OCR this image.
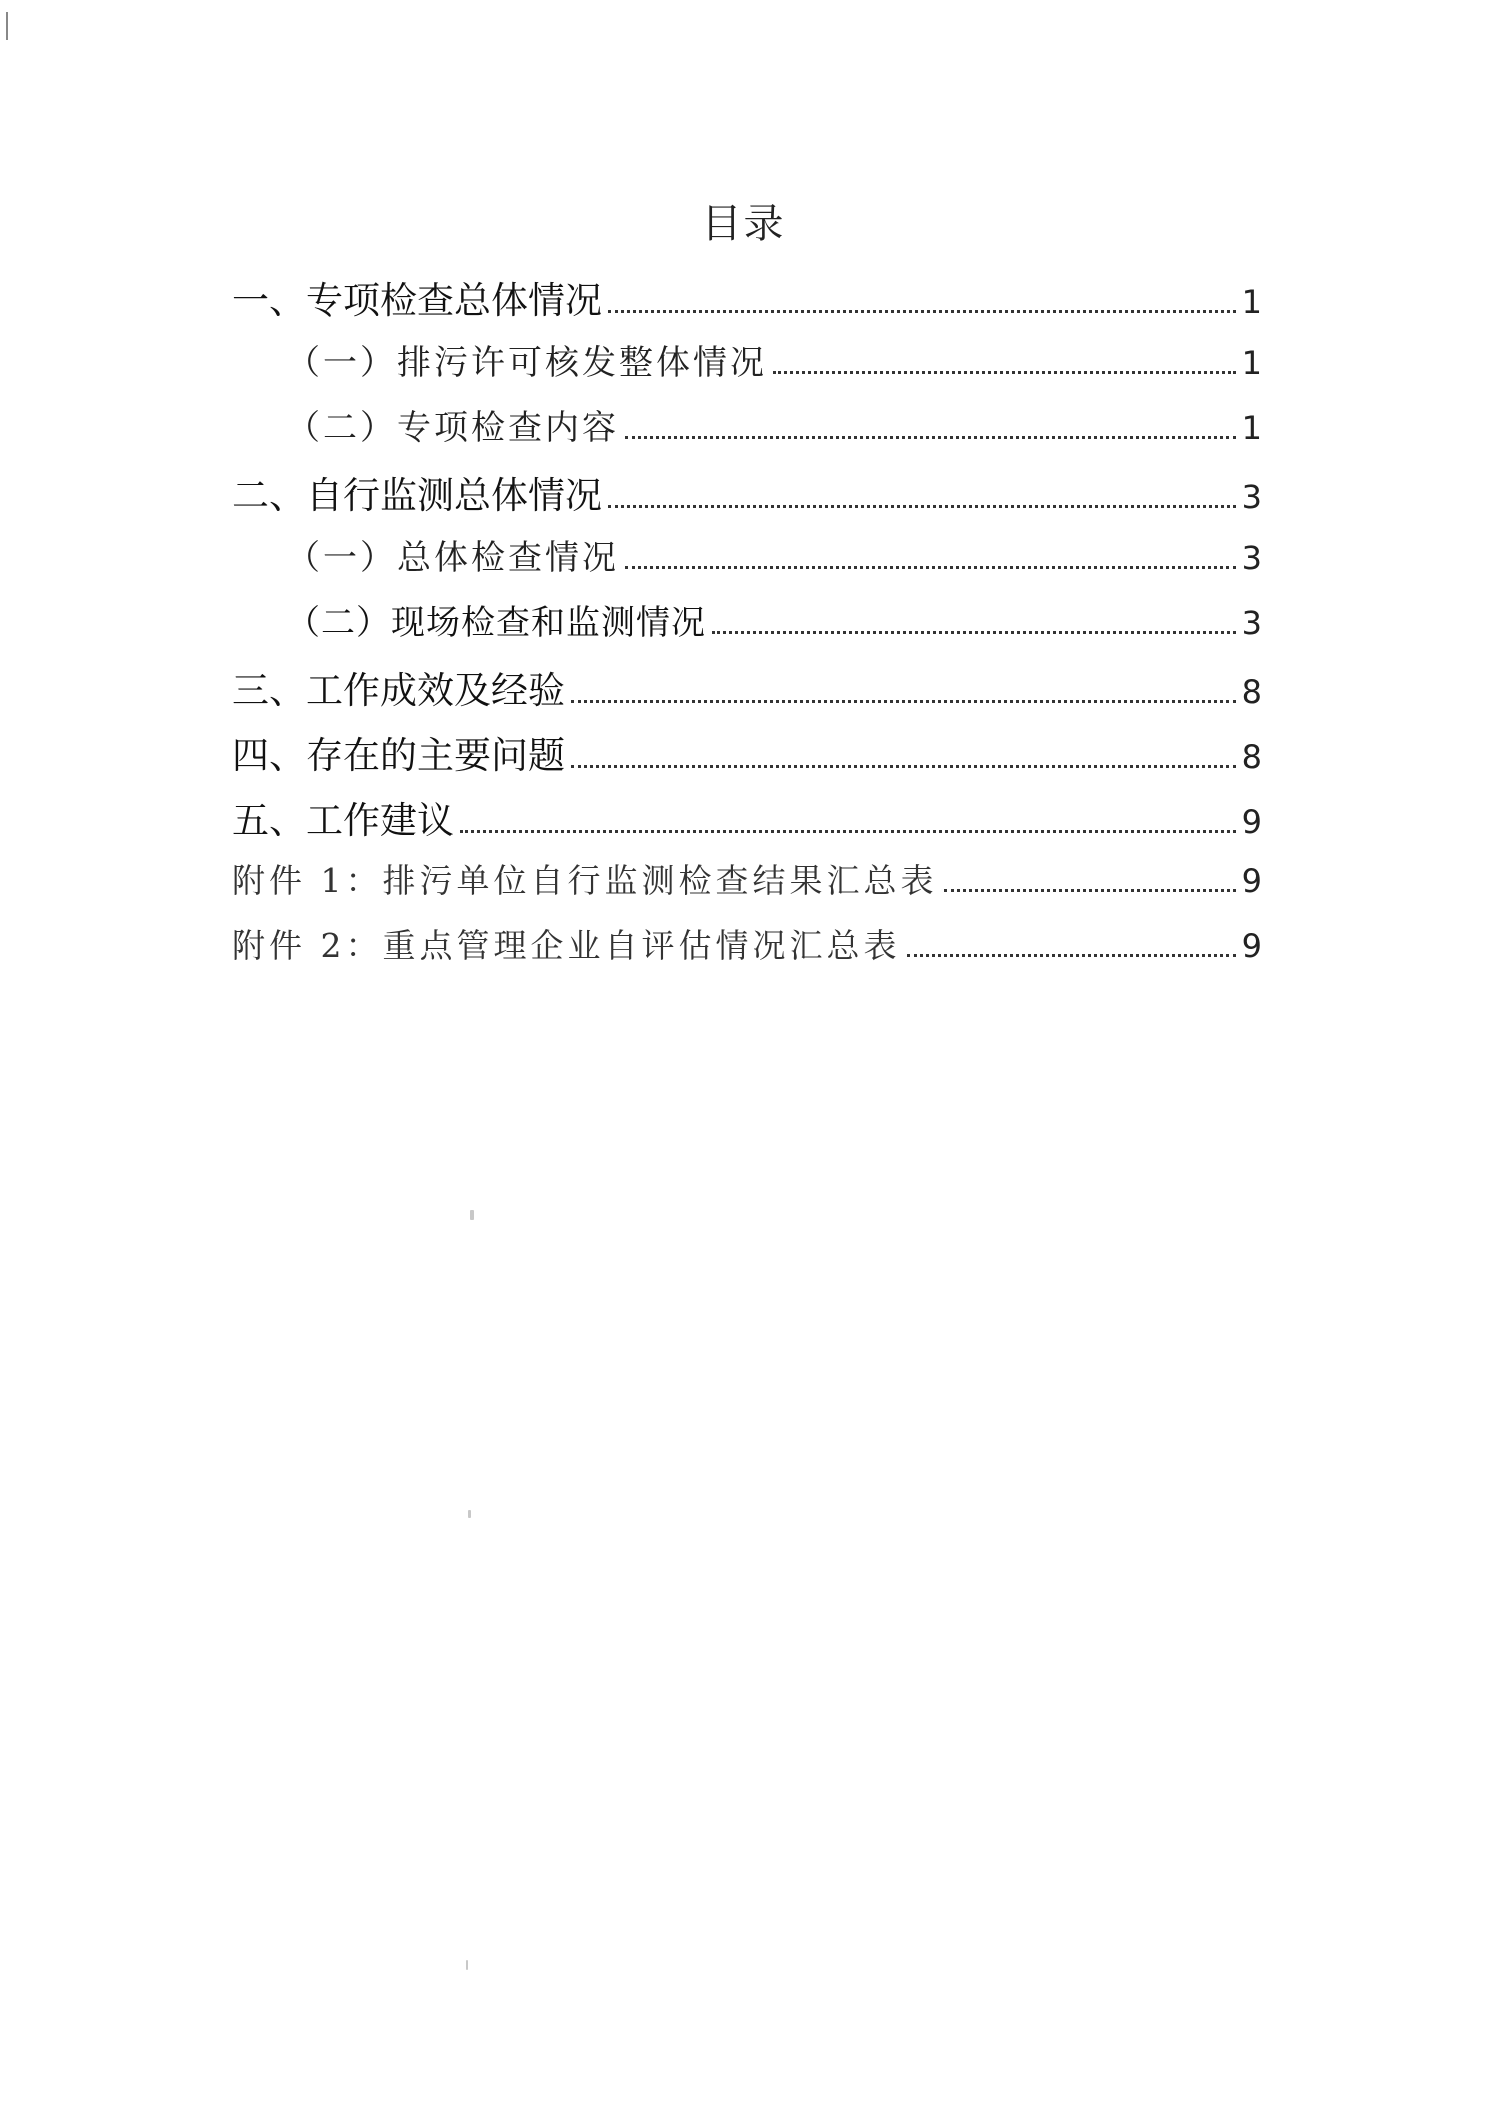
目录
一、专项检查总体情况	1
（一）排污许可核发整体情况	1
（二）专项检查内容	1
二、自行监测总体情况	3
（一）总体检查情况	3
（二）现场检查和监测情况	3
三、工作成效及经验	8
四、存在的主要问题	8
五、工作建议	9
附件 1：排污单位自行监测检查结果汇总表	9
附件 2：重点管理企业自评估情况汇总表	9
